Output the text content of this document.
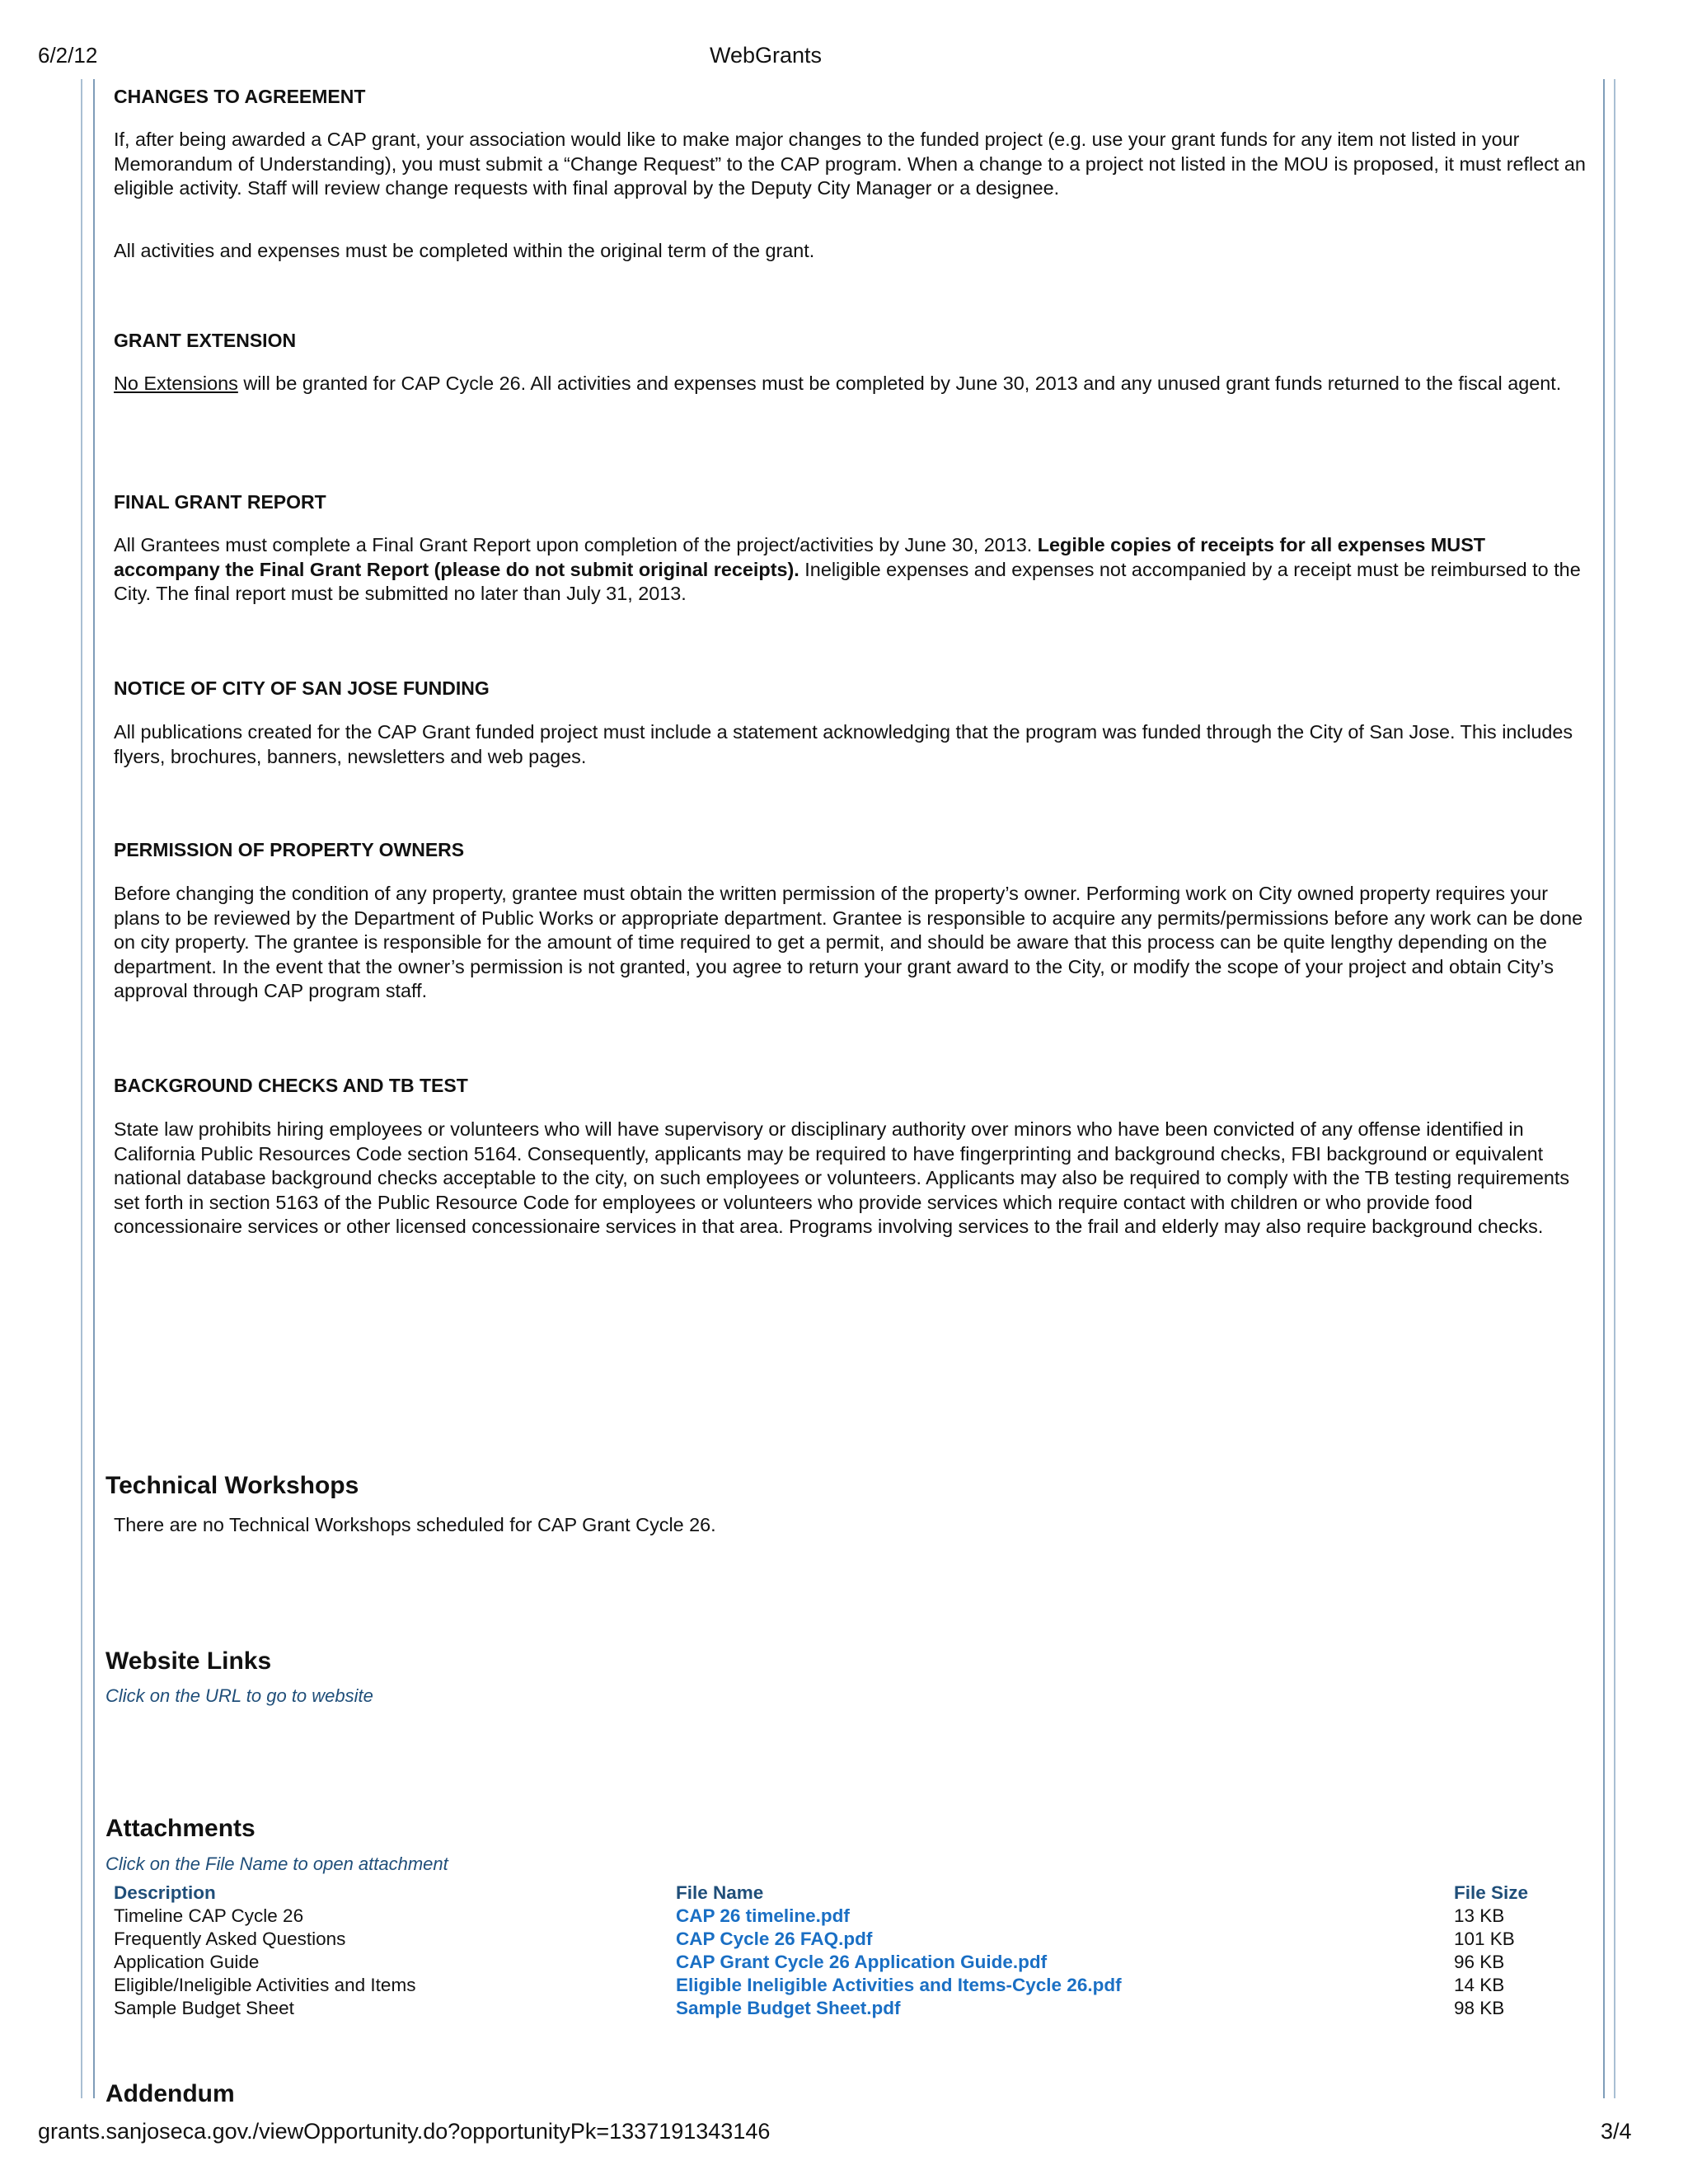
6/2/12	WebGrants
CHANGES TO AGREEMENT
If, after being awarded a CAP grant, your association would like to make major changes to the funded project (e.g. use your grant funds for any item not listed in your Memorandum of Understanding), you must submit a “Change Request” to the CAP program. When a change to a project not listed in the MOU is proposed, it must reflect an eligible activity. Staff will review change requests with final approval by the Deputy City Manager or a designee.
All activities and expenses must be completed within the original term of the grant.
GRANT EXTENSION
No Extensions will be granted for CAP Cycle 26. All activities and expenses must be completed by June 30, 2013 and any unused grant funds returned to the fiscal agent.
FINAL GRANT REPORT
All Grantees must complete a Final Grant Report upon completion of the project/activities by June 30, 2013. Legible copies of receipts for all expenses MUST accompany the Final Grant Report (please do not submit original receipts). Ineligible expenses and expenses not accompanied by a receipt must be reimbursed to the City. The final report must be submitted no later than July 31, 2013.
NOTICE OF CITY OF SAN JOSE FUNDING
All publications created for the CAP Grant funded project must include a statement acknowledging that the program was funded through the City of San Jose. This includes flyers, brochures, banners, newsletters and web pages.
PERMISSION OF PROPERTY OWNERS
Before changing the condition of any property, grantee must obtain the written permission of the property’s owner. Performing work on City owned property requires your plans to be reviewed by the Department of Public Works or appropriate department. Grantee is responsible to acquire any permits/permissions before any work can be done on city property. The grantee is responsible for the amount of time required to get a permit, and should be aware that this process can be quite lengthy depending on the department. In the event that the owner’s permission is not granted, you agree to return your grant award to the City, or modify the scope of your project and obtain City’s approval through CAP program staff.
BACKGROUND CHECKS AND TB TEST
State law prohibits hiring employees or volunteers who will have supervisory or disciplinary authority over minors who have been convicted of any offense identified in California Public Resources Code section 5164. Consequently, applicants may be required to have fingerprinting and background checks, FBI background or equivalent national database background checks acceptable to the city, on such employees or volunteers. Applicants may also be required to comply with the TB testing requirements set forth in section 5163 of the Public Resource Code for employees or volunteers who provide services which require contact with children or who provide food concessionaire services or other licensed concessionaire services in that area. Programs involving services to the frail and elderly may also require background checks.
Technical Workshops
There are no Technical Workshops scheduled for CAP Grant Cycle 26.
Website Links
Click on the URL to go to website
Attachments
Click on the File Name to open attachment
Description	File Name	File Size
Timeline CAP Cycle 26	CAP 26 timeline.pdf	13 KB
Frequently Asked Questions	CAP Cycle 26 FAQ.pdf	101 KB
Application Guide	CAP Grant Cycle 26 Application Guide.pdf	96 KB
Eligible/Ineligible Activities and Items	Eligible Ineligible Activities and Items-Cycle 26.pdf	14 KB
Sample Budget Sheet	Sample Budget Sheet.pdf	98 KB
Addendum
grants.sanjoseca.gov./viewOpportunity.do?opportunityPk=1337191343146	3/4
